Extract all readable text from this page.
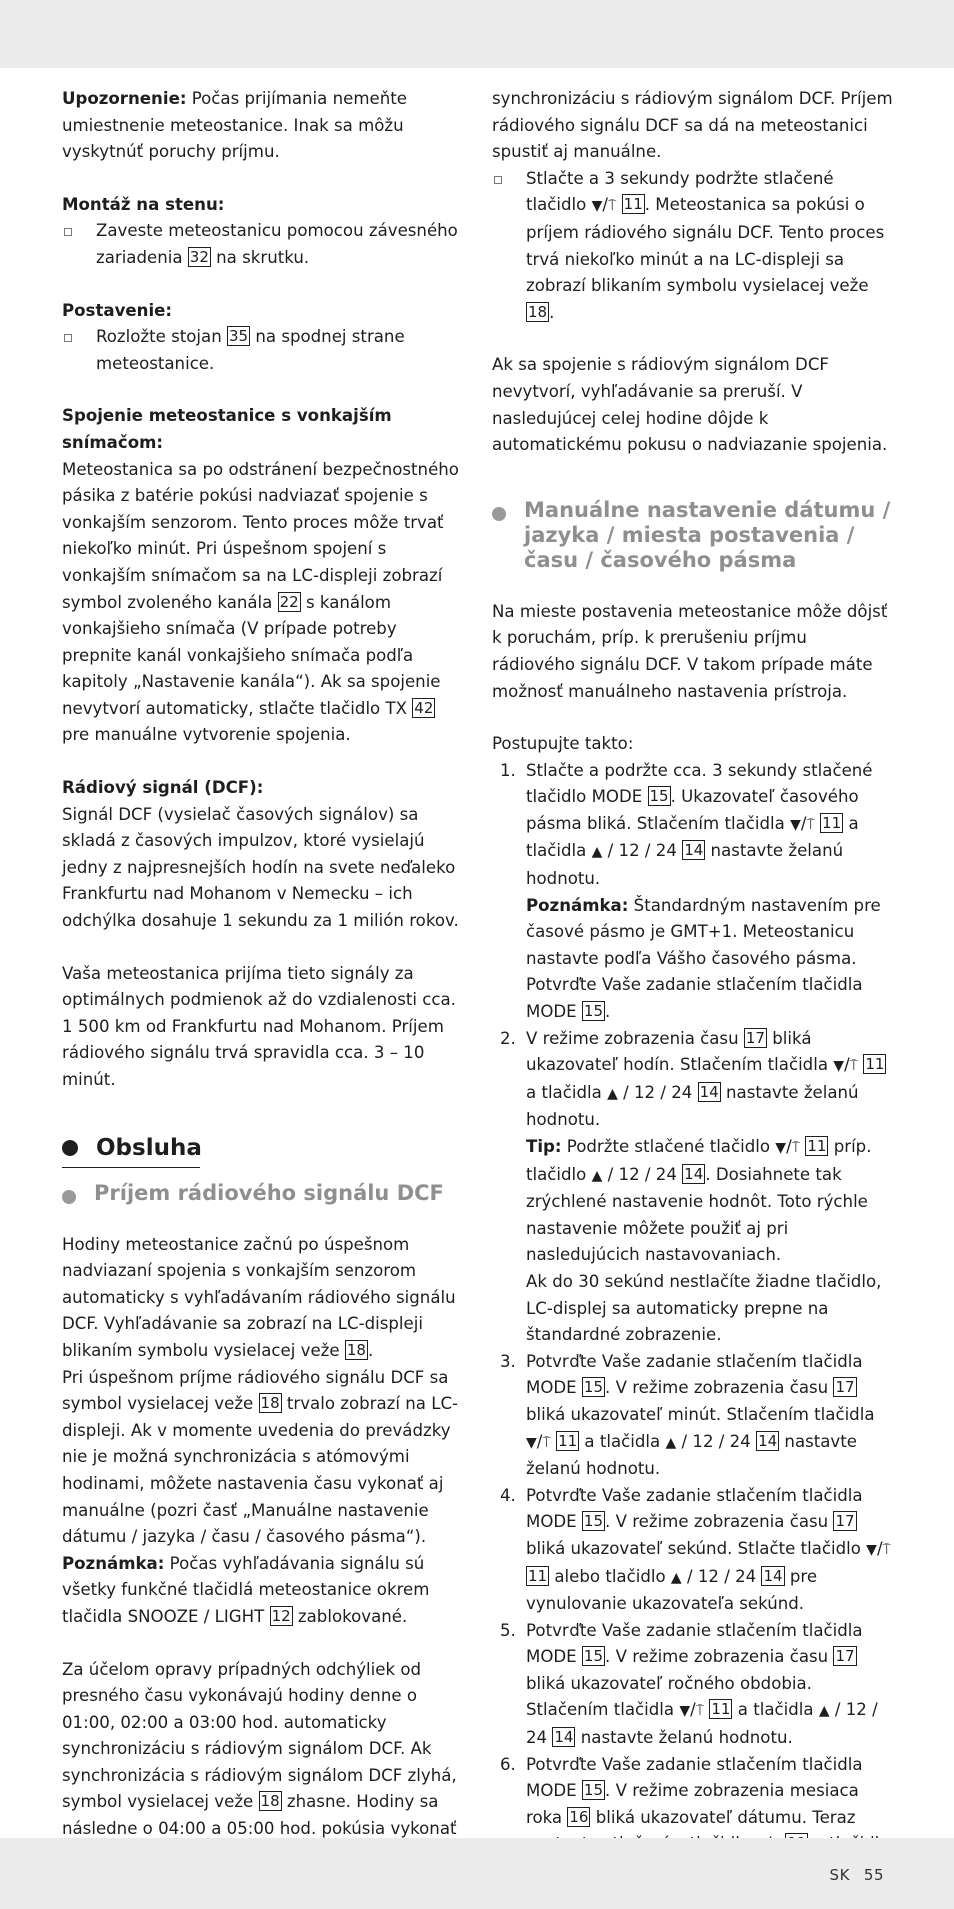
Upozornenie: Počas prijímania nemeňte umiestnenie meteostanice. Inak sa môžu vyskytnúť poruchy príjmu.

Montáž na stenu:

Zaveste meteostanicu pomocou závesného zariadenia 32 na skrutku.

Postavenie:

Rozložte stojan 35 na spodnej strane meteostanice.

Spojenie meteostanice s vonkajším snímačom:

Meteostanica sa po odstránení bezpečnostného pásika z batérie pokúsi nadviazať spojenie s vonkajším senzorom. Tento proces môže trvať niekoľko minút. Pri úspešnom spojení s vonkajším snímačom sa na LC-displeji zobrazí symbol zvoleného kanála 22 s kanálom vonkajšieho snímača (V prípade potreby prepnite kanál vonkajšieho snímača podľa kapitoly „Nastavenie kanála“). Ak sa spojenie nevytvorí automaticky, stlačte tlačidlo TX 42 pre manuálne vytvorenie spojenia.

Rádiový signál (DCF):

Signál DCF (vysielač časových signálov) sa skladá z časových impulzov, ktoré vysielajú jedny z najpresnejších hodín na svete neďaleko Frankfurtu nad Mohanom v Nemecku – ich odchýlka dosahuje 1 sekundu za 1 milión rokov.

Vaša meteostanica prijíma tieto signály za optimálnych podmienok až do vzdialenosti cca. 1 500 km od Frankfurtu nad Mohanom. Príjem rádiového signálu trvá spravidla cca. 3 – 10 minút.

Obsluha
Príjem rádiového signálu DCF

Hodiny meteostanice začnú po úspešnom nadviazaní spojenia s vonkajším senzorom automaticky s vyhľadávaním rádiového signálu DCF. Vyhľadávanie sa zobrazí na LC-displeji blikaním symbolu vysielacej veže 18 .

Pri úspešnom príjme rádiového signálu DCF sa symbol vysielacej veže 18 trvalo zobrazí na LC-displeji. Ak v momente uvedenia do prevádzky nie je možná synchronizácia s atómovými hodinami, môžete nastavenia času vykonať aj manuálne (pozri časť „Manuálne nastavenie dátumu / jazyka / času / časového pásma“).

Poznámka: Počas vyhľadávania signálu sú všetky funkčné tlačidlá meteostanice okrem tlačidla SNOOZE / LIGHT 12 zablokované.

Za účelom opravy prípadných odchýliek od presného času vykonávajú hodiny denne o 01:00, 02:00 a 03:00 hod. automaticky synchronizáciu s rádiovým signálom DCF. Ak synchronizácia s rádiovým signálom DCF zlyhá, symbol vysielacej veže 18 zhasne. Hodiny sa následne o 04:00 a 05:00 hod. pokúsia vykonať

synchronizáciu s rádiovým signálom DCF. Príjem rádiového signálu DCF sa dá na meteostanici spustiť aj manuálne.

Stlačte a 3 sekundy podržte stlačené tlačidlo ▼/⍑ 11 . Meteostanica sa pokúsi o príjem rádiového signálu DCF. Tento proces trvá niekoľko minút a na LC-displeji sa zobrazí blikaním symbolu vysielacej veže 18 .

Ak sa spojenie s rádiovým signálom DCF nevytvorí, vyhľadávanie sa preruší. V nasledujúcej celej hodine dôjde k automatickému pokusu o nadviazanie spojenia.

Manuálne nastavenie dátumu / jazyka / miesta postavenia / času / časového pásma

Na mieste postavenia meteostanice môže dôjsť k poruchám, príp. k prerušeniu príjmu rádiového signálu DCF. V takom prípade máte možnosť manuálneho nastavenia prístroja.

Postupujte takto:

1. Stlačte a podržte cca. 3 sekundy stlačené tlačidlo MODE 15 . Ukazovateľ časového pásma bliká. Stlačením tlačidla ▼/⍑ 11 a tlačidla ▲ / 12 / 24 14 nastavte želanú hodnotu.
Poznámka: Štandardným nastavením pre časové pásmo je GMT+1. Meteostanicu nastavte podľa Vášho časového pásma. Potvrďte Vaše zadanie stlačením tlačidla MODE 15 .
2. V režime zobrazenia času 17 bliká ukazovateľ hodín. Stlačením tlačidla ▼/⍑ 11 a tlačidla ▲ / 12 / 24 14 nastavte želanú hodnotu.
Tip: Podržte stlačené tlačidlo ▼/⍑ 11 príp. tlačidlo ▲ / 12 / 24 14 . Dosiahnete tak zrýchlené nastavenie hodnôt. Toto rýchle nastavenie môžete použiť aj pri nasledujúcich nastavovaniach.
Ak do 30 sekúnd nestlačíte žiadne tlačidlo, LC-displej sa automaticky prepne na štandardné zobrazenie.
3. Potvrďte Vaše zadanie stlačením tlačidla MODE 15 . V režime zobrazenia času 17 bliká ukazovateľ minút. Stlačením tlačidla ▼/⍑ 11 a tlačidla ▲ / 12 / 24 14 nastavte želanú hodnotu.
4. Potvrďte Vaše zadanie stlačením tlačidla MODE 15 . V režime zobrazenia času 17 bliká ukazovateľ sekúnd. Stlačte tlačidlo ▼/⍑ 11 alebo tlačidlo ▲ / 12 / 24 14 pre vynulovanie ukazovateľa sekúnd.
5. Potvrďte Vaše zadanie stlačením tlačidla MODE 15 . V režime zobrazenia času 17 bliká ukazovateľ ročného obdobia. Stlačením tlačidla ▼/⍑ 11 a tlačidla ▲ / 12 / 24 14 nastavte želanú hodnotu.
6. Potvrďte Vaše zadanie stlačením tlačidla MODE 15 . V režime zobrazenia mesiaca roka 16 bliká ukazovateľ dátumu. Teraz
SK 55
